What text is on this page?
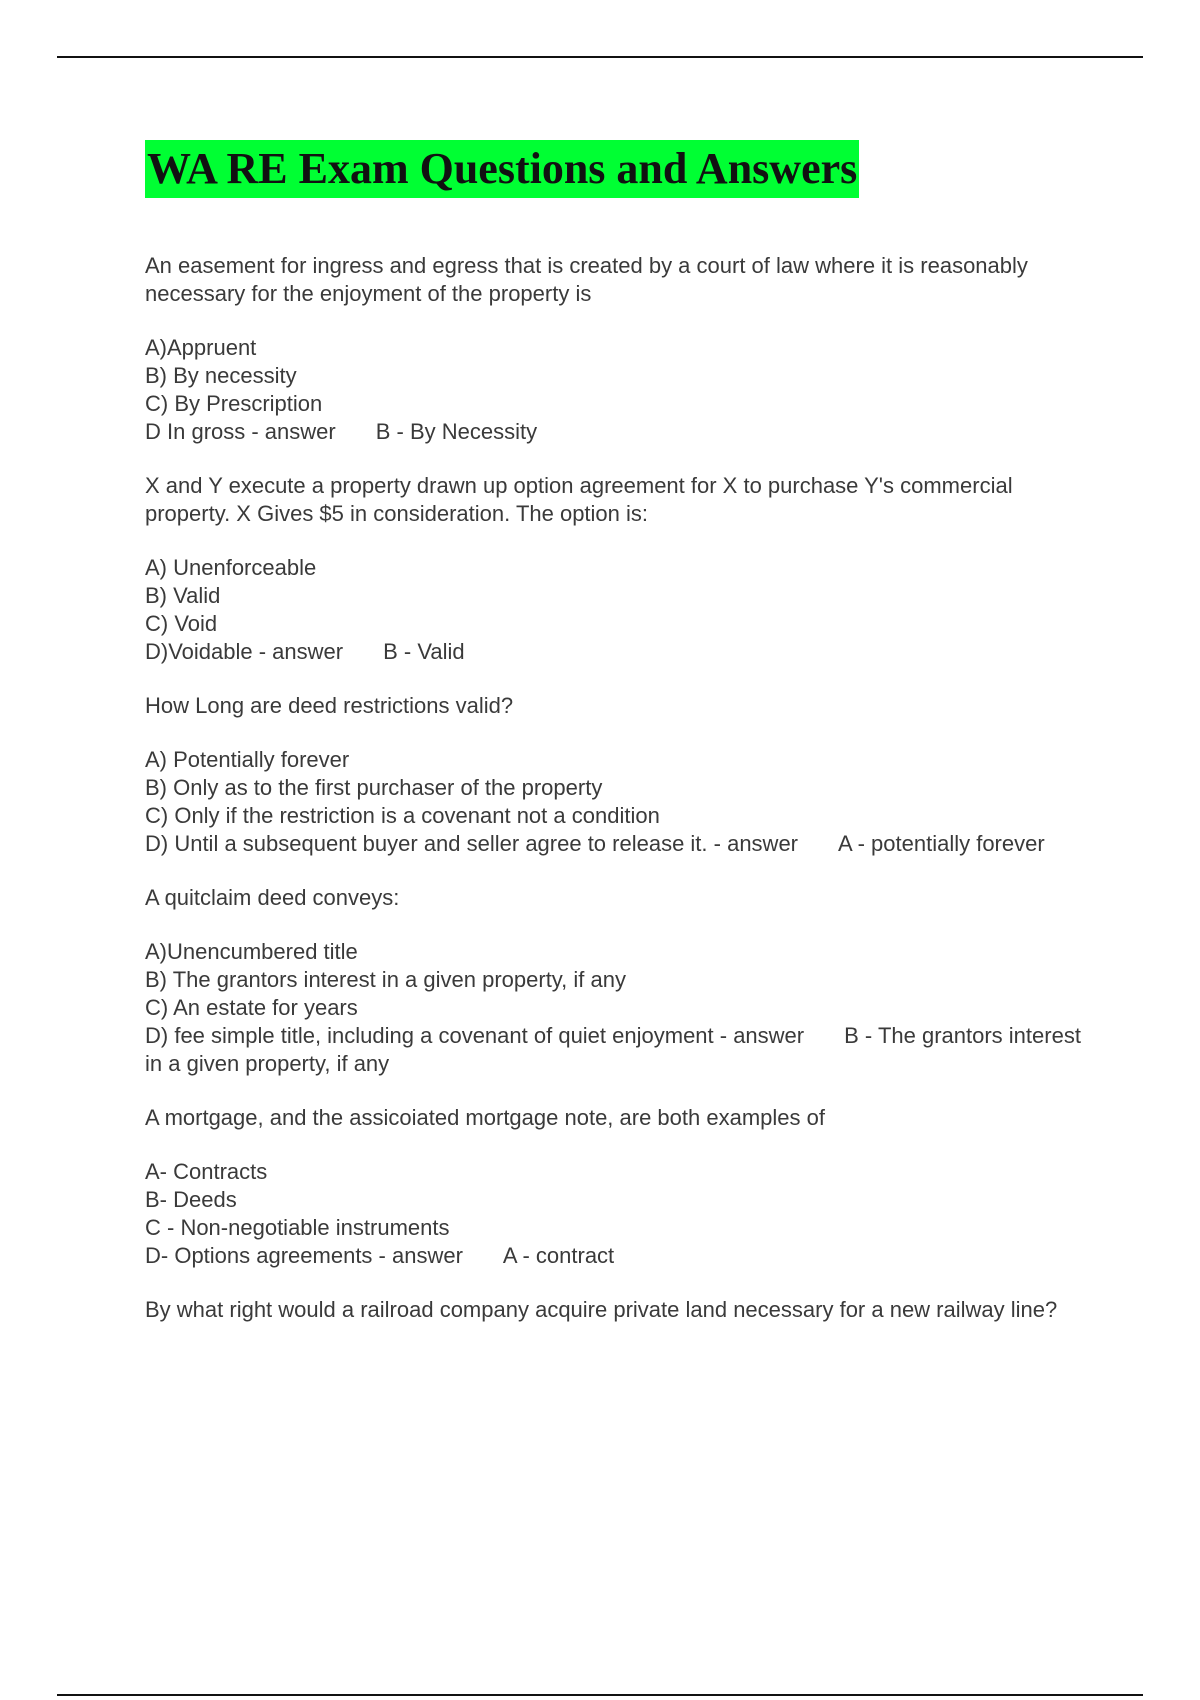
WA RE Exam Questions and Answers

An easement for ingress and egress that is created by a court of law where it is reasonably necessary for the enjoyment of the property is

A)Appruent
B) By necessity
C) By Prescription
D In gross - answer B - By Necessity

X and Y execute a property drawn up option agreement for X to purchase Y's commercial property. X Gives $5 in consideration. The option is:

A) Unenforceable
B) Valid
C) Void
D)Voidable - answer B - Valid

How Long are deed restrictions valid?

A) Potentially forever
B) Only as to the first purchaser of the property
C) Only if the restriction is a covenant not a condition
D) Until a subsequent buyer and seller agree to release it. - answer A - potentially forever

A quitclaim deed conveys:

A)Unencumbered title
B) The grantors interest in a given property, if any
C) An estate for years
D) fee simple title, including a covenant of quiet enjoyment - answer B - The grantors interest in a given property, if any

A mortgage, and the assicoiated mortgage note, are both examples of

A- Contracts
B- Deeds
C - Non-negotiable instruments
D- Options agreements - answer A - contract

By what right would a railroad company acquire private land necessary for a new railway line?
